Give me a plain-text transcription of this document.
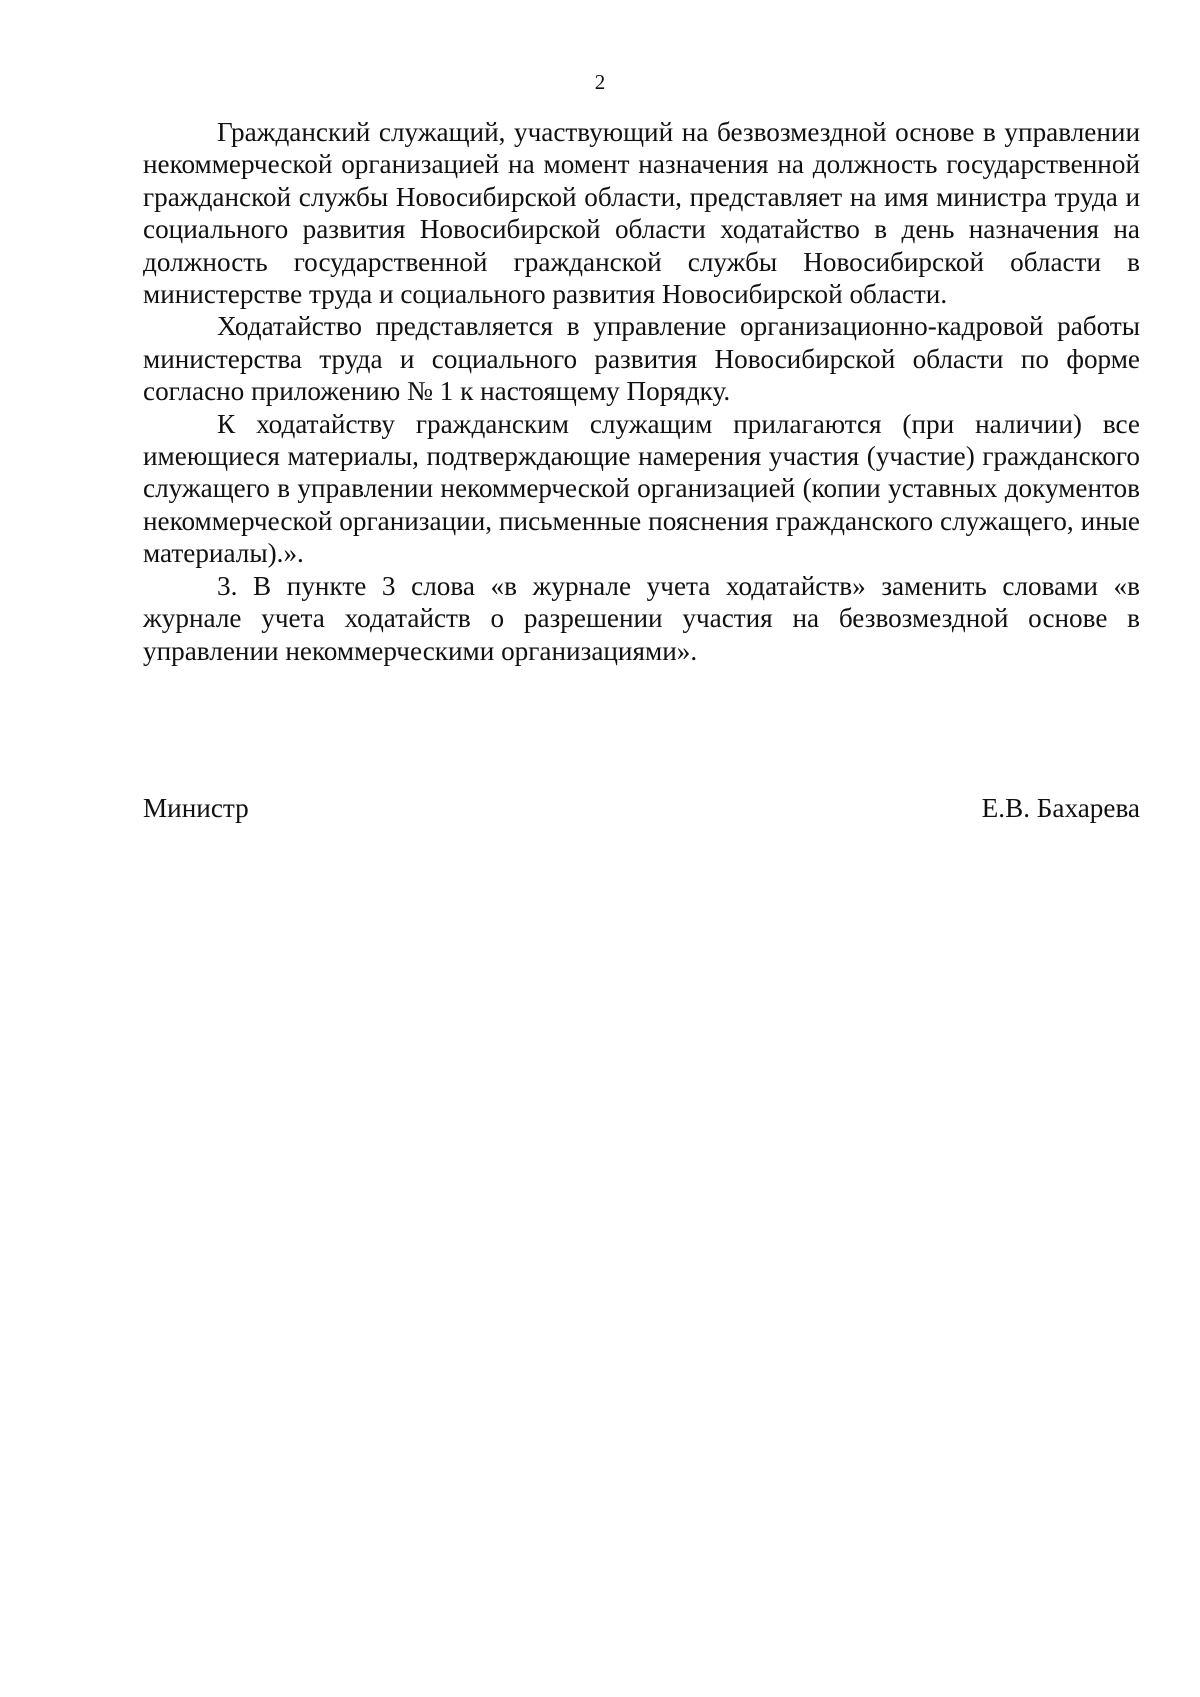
2

Гражданский служащий, участвующий на безвозмездной основе в управлении некоммерческой организацией на момент назначения на должность государственной гражданской службы Новосибирской области, представляет на имя министра труда и социального развития Новосибирской области ходатайство в день назначения на должность государственной гражданской службы Новосибирской области в министерстве труда и социального развития Новосибирской области.

Ходатайство представляется в управление организационно-кадровой работы министерства труда и социального развития Новосибирской области по форме согласно приложению № 1 к настоящему Порядку.

К ходатайству гражданским служащим прилагаются (при наличии) все имеющиеся материалы, подтверждающие намерения участия (участие) гражданского служащего в управлении некоммерческой организацией (копии уставных документов некоммерческой организации, письменные пояснения гражданского служащего, иные материалы).».

3. В пункте 3 слова «в журнале учета ходатайств» заменить словами «в журнале учета ходатайств о разрешении участия на безвозмездной основе в управлении некоммерческими организациями».

Министр	Е.В. Бахарева
